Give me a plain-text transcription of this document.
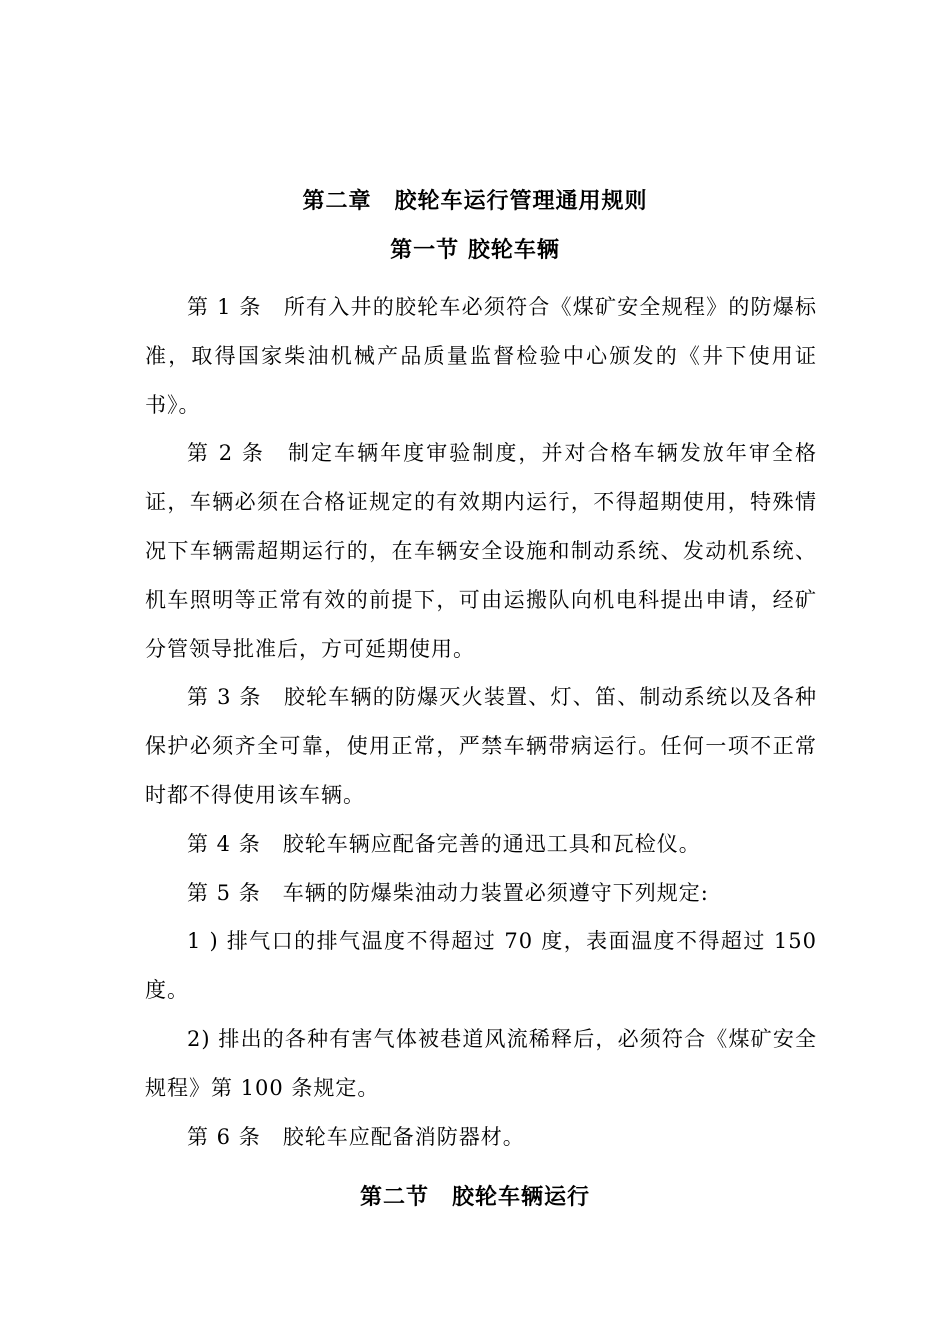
第二章　胶轮车运行管理通用规则
第一节 胶轮车辆

第 1 条　所有入井的胶轮车必须符合《煤矿安全规程》的防爆标准，取得国家柴油机械产品质量监督检验中心颁发的《井下使用证书》。

第 2 条　制定车辆年度审验制度，并对合格车辆发放年审全格证，车辆必须在合格证规定的有效期内运行，不得超期使用，特殊情况下车辆需超期运行的，在车辆安全设施和制动系统、发动机系统、机车照明等正常有效的前提下，可由运搬队向机电科提出申请，经矿分管领导批准后，方可延期使用。

第 3 条　胶轮车辆的防爆灭火装置、灯、笛、制动系统以及各种保护必须齐全可靠，使用正常，严禁车辆带病运行。任何一项不正常时都不得使用该车辆。

第 4 条　胶轮车辆应配备完善的通迅工具和瓦检仪。

第 5 条　车辆的防爆柴油动力装置必须遵守下列规定:

1 ) 排气口的排气温度不得超过 70 度，表面温度不得超过 150 度。

2) 排出的各种有害气体被巷道风流稀释后，必须符合《煤矿安全规程》第 100 条规定。

第 6 条　胶轮车应配备消防器材。

第二节　胶轮车辆运行
